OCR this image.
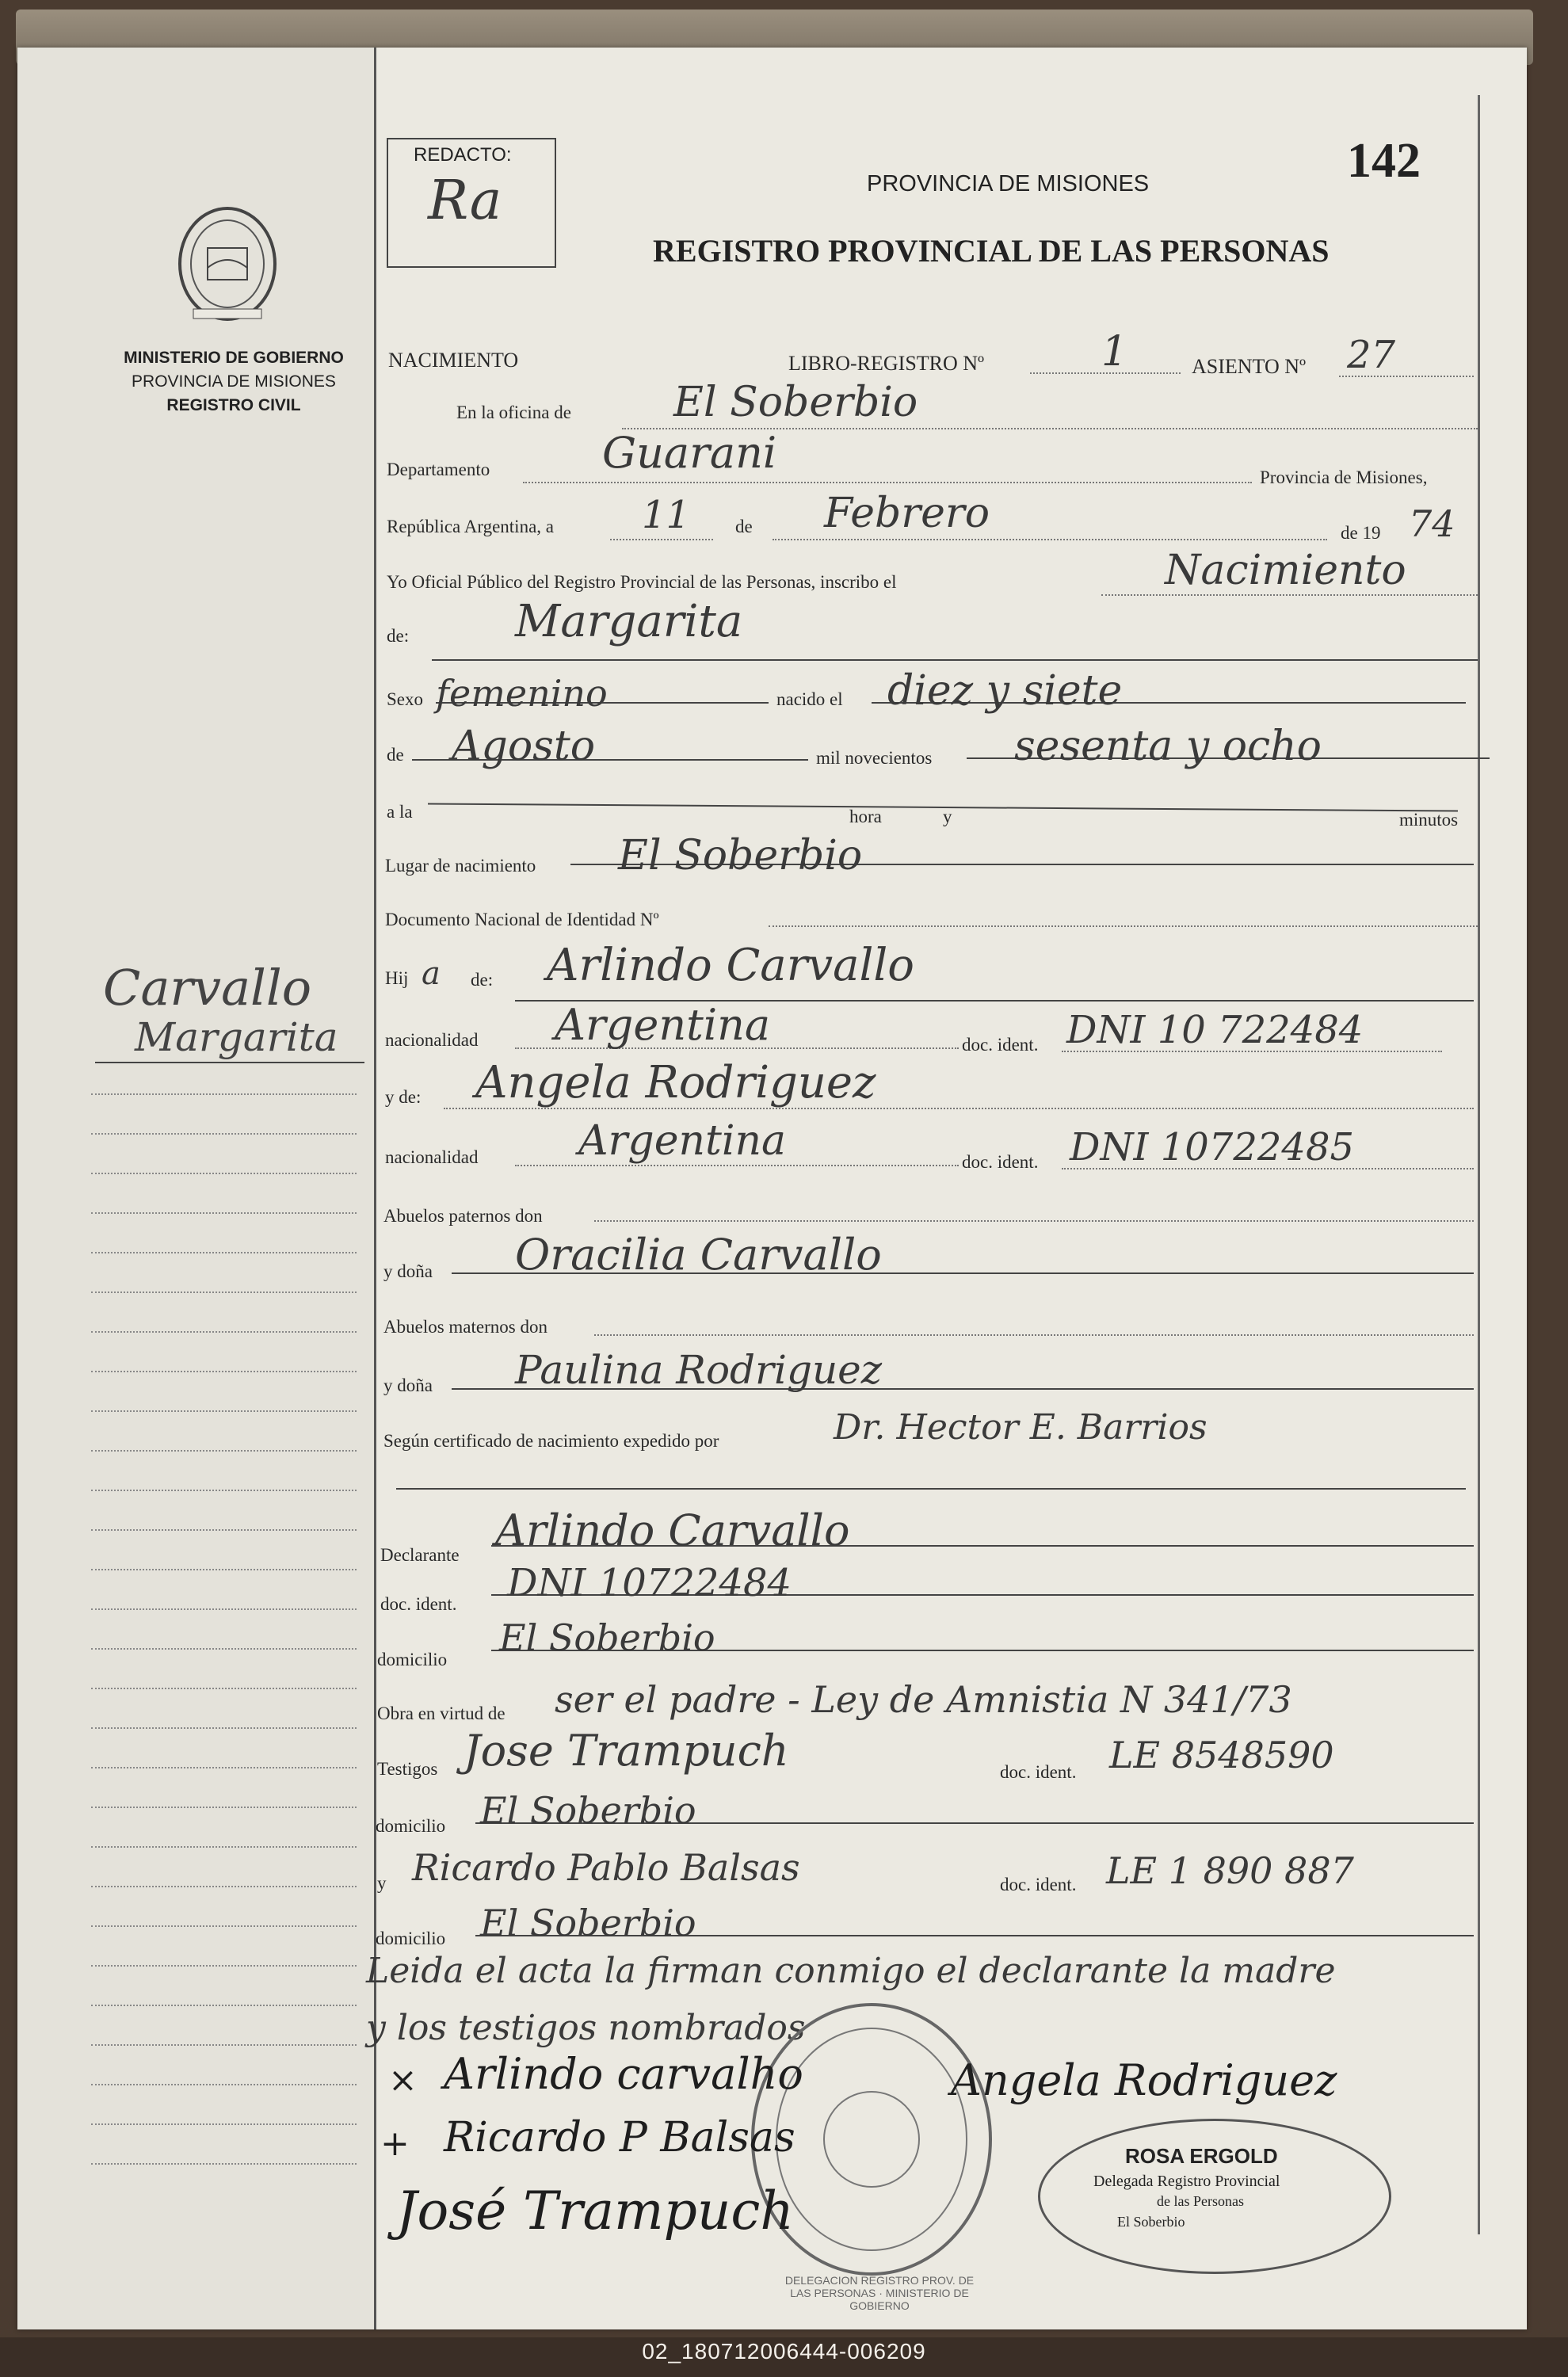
MINISTERIO DE GOBIERNO
PROVINCIA DE MISIONES
REGISTRO CIVIL
Carvallo
Margarita
REDACTO:
Ra
142
PROVINCIA DE MISIONES
REGISTRO PROVINCIAL DE LAS PERSONAS
NACIMIENTO	LIBRO-REGISTRO Nº	1	ASIENTO Nº 27
En la oficina de El Soberbio
Departamento	Guarani	Provincia de Misiones,
República Argentina, a 11 de Febrero	de 19 74
Yo Oficial Público del Registro Provincial de las Personas, inscribo el	Nacimiento
de: Margarita
Sexo femenino	nacido el diez y siete
de Agosto	mil novecientos sesenta y ocho
a la	hora	y	minutos
Lugar de nacimiento El Soberbio
Documento Nacional de Identidad Nº
Hij a de: Arlindo Carvallo
nacionalidad Argentina	doc. ident. DNI 10 722484
y de: Angela Rodriguez
nacionalidad Argentina	doc. ident. DNI 10722485
Abuelos paternos don
y doña Oracilia Carvallo
Abuelos maternos don
y doña Paulina Rodriguez
Según certificado de nacimiento expedido por	Dr. Hector E. Barrios
Declarante Arlindo Carvallo
doc. ident. DNI 10722484
domicilio
El Soberbio
Obra en virtud de ser el padre - Ley de Amnistia N 341/73
Testigos Jose Trampuch	doc. ident. LE 8548590
domicilio El Soberbio
y Ricardo Pablo Balsas	doc. ident. LE 1 890 887
domicilio El Soberbio
Leida el acta la firman conmigo el declarante la madre
y los testigos nombrados
DELEGACION REGISTRO PROV. DE LAS PERSONAS · MINISTERIO DE GOBIERNO
Arlindo carvalho	Angela Rodriguez
Ricardo P Balsas
José Trampuch
×
+	ROSA ERGOLD
Delegada Registro Provincial
de las Personas
El Soberbio
02_180712006444-006209
